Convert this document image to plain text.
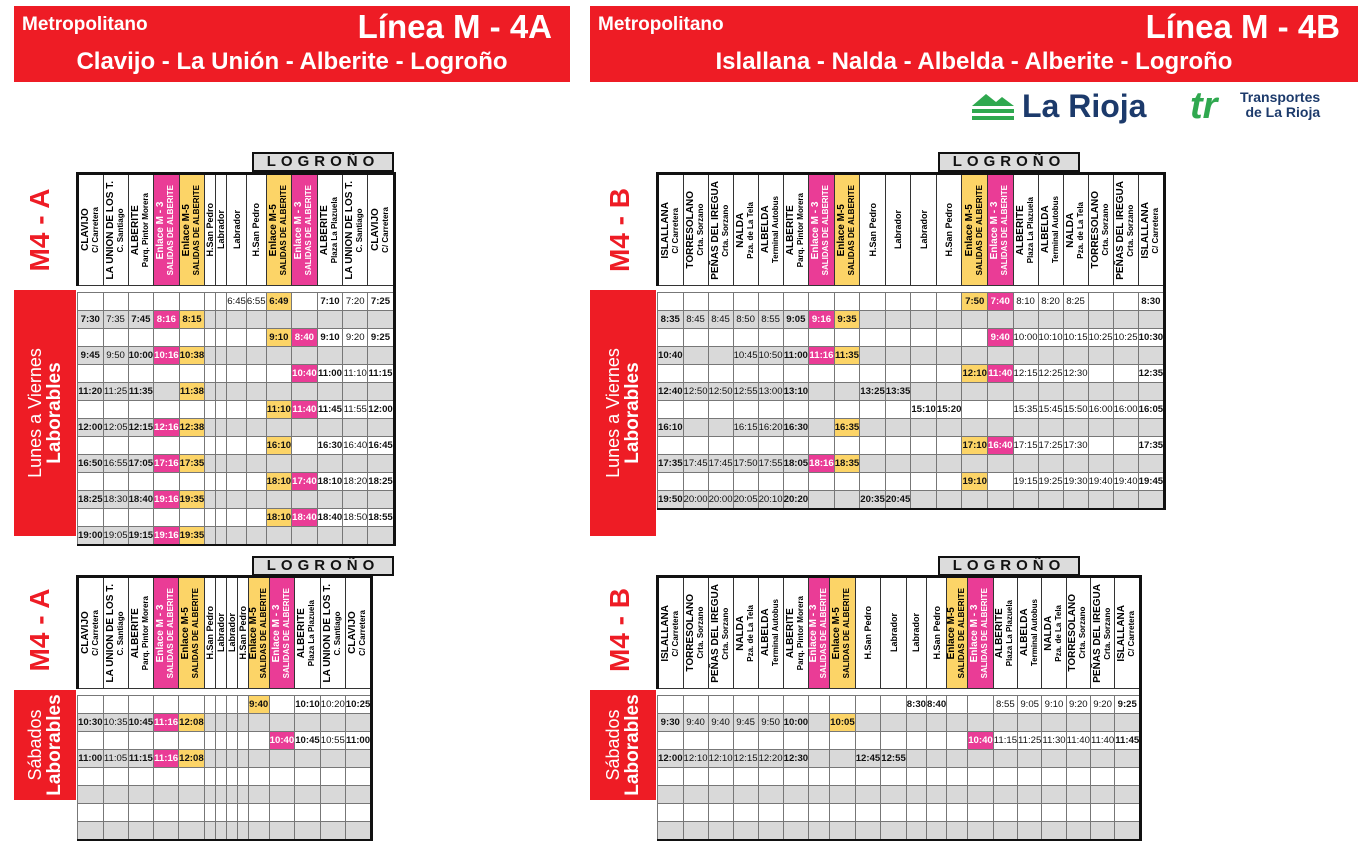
Metropolitano	Línea M - 4A
Clavijo - La Unión - Alberite - Logroño
Metropolitano	Línea M - 4B
Islallana - Nalda - Albelda - Alberite - Logroño
La Rioja tr Transportes
de La Rioja
Lunes a Viernes Laborables
M4 - A
LOGROÑO
CLAVIJO C/ Carretera	LA UNION DE LOS T. C. Santiago	ALBERITE Parq. Pintor Morera	Enlace M - 3 SALIDAS DE ALBERITE	Enlace M-5 SALIDAS DE ALBERITE	H.San Pedro	Labrador	Labrador	H.San Pedro	Enlace M-5 SALIDAS DE ALBERITE	Enlace M - 3 SALIDAS DE ALBERITE	ALBERITE Plaza La Plazuela	LA UNION DE LOS T. C. Santiago	CLAVIJO C/ Carretera

							6:45	6:55	6:49		7:10	7:20	7:25
7:30	7:35	7:45	8:16	8:15									
									9:10	8:40	9:10	9:20	9:25
9:45	9:50	10:00	10:16	10:38									
										10:40	11:00	11:10	11:15
11:20	11:25	11:35		11:38									
									11:10	11:40	11:45	11:55	12:00
12:00	12:05	12:15	12:16	12:38									
									16:10		16:30	16:40	16:45
16:50	16:55	17:05	17:16	17:35									
									18:10	17:40	18:10	18:20	18:25
18:25	18:30	18:40	19:16	19:35									
									18:10	18:40	18:40	18:50	18:55
19:00	19:05	19:15	19:16	19:35									
Sábados Laborables
M4 - A
LOGROÑO
CLAVIJO C/ Carretera	LA UNION DE LOS T. C. Santiago	ALBERITE Parq. Pintor Morera	Enlace M - 3 SALIDAS DE ALBERITE	Enlace M-5 SALIDAS DE ALBERITE	H.San Pedro	Labrador	Labrador	H.San Pedro	Enlace M-5 SALIDAS DE ALBERITE	Enlace M - 3 SALIDAS DE ALBERITE	ALBERITE Plaza La Plazuela	LA UNION DE LOS T. C. Santiago	CLAVIJO C/ Carretera

									9:40		10:10	10:20	10:25
10:30	10:35	10:45	11:16	12:08									
										10:40	10:45	10:55	11:00
11:00	11:05	11:15	11:16	12:08									

Lunes a Viernes Laborables
M4 - B
LOGROÑO
ISLALLANA C/ Carretera	TORRESOLANO Crta. Sorzano	PEÑAS DEL IREGUA Crta. Sorzano	NALDA Pza. de La Tela	ALBELDA Terminal Autobus	ALBERITE Parq. Pintor Morera	Enlace M - 3 SALIDAS DE ALBERITE	Enlace M-5 SALIDAS DE ALBERITE	H.San Pedro	Labrador	Labrador	H.San Pedro	Enlace M-5 SALIDAS DE ALBERITE	Enlace M - 3 SALIDAS DE ALBERITE	ALBERITE Plaza La Plazuela	ALBELDA Terminal Autobus	NALDA Pza. de La Tela	TORRESOLANO Crta. Sorzano	PEÑAS DEL IREGUA Crta. Sorzano	ISLALLANA C/ Carretera

												7:50	7:40	8:10	8:20	8:25			8:30
8:35	8:45	8:45	8:50	8:55	9:05	9:16	9:35												
													9:40	10:00	10:10	10:15	10:25	10:25	10:30
10:40			10:45	10:50	11:00	11:16	11:35												
												12:10	11:40	12:15	12:25	12:30			12:35
12:40	12:50	12:50	12:55	13:00	13:10			13:25	13:35										
										15:10	15:20			15:35	15:45	15:50	16:00	16:00	16:05
16:10			16:15	16:20	16:30		16:35												
												17:10	16:40	17:15	17:25	17:30			17:35
17:35	17:45	17:45	17:50	17:55	18:05	18:16	18:35												
												19:10		19:15	19:25	19:30	19:40	19:40	19:45
19:50	20:00	20:00	20:05	20:10	20:20			20:35	20:45										
Sábados Laborables
M4 - B
LOGROÑO
ISLALLANA C/ Carretera	TORRESOLANO Crta. Sorzano	PEÑAS DEL IREGUA Crta. Sorzano	NALDA Pza. de La Tela	ALBELDA Terminal Autobus	ALBERITE Parq. Pintor Morera	Enlace M - 3 SALIDAS DE ALBERITE	Enlace M-5 SALIDAS DE ALBERITE	H.San Pedro	Labrador	Labrador	H.San Pedro	Enlace M-5 SALIDAS DE ALBERITE	Enlace M - 3 SALIDAS DE ALBERITE	ALBERITE Plaza La Plazuela	ALBELDA Terminal Autobus	NALDA Pza. de La Tela	TORRESOLANO Crta. Sorzano	PEÑAS DEL IREGUA Crta. Sorzano	ISLALLANA C/ Carretera

										8:30	8:40			8:55	9:05	9:10	9:20	9:20	9:25
9:30	9:40	9:40	9:45	9:50	10:00		10:05												
													10:40	11:15	11:25	11:30	11:40	11:40	11:45
12:00	12:10	12:10	12:15	12:20	12:30			12:45	12:55										
